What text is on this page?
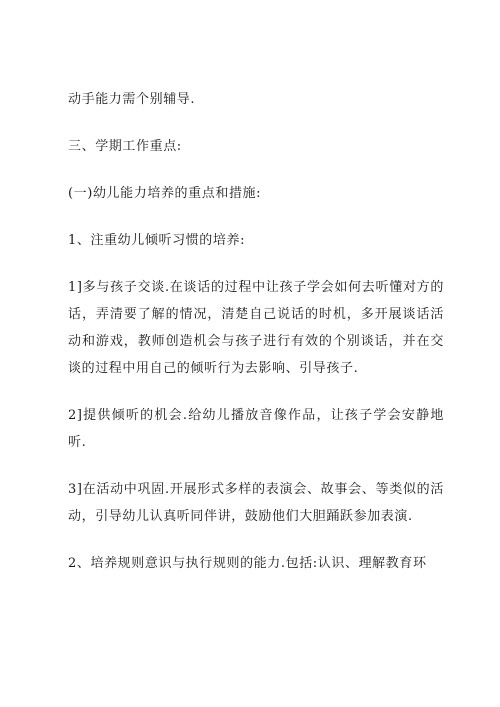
动手能力需个别辅导.

三、学期工作重点:

(一)幼儿能力培养的重点和措施:

1、注重幼儿倾听习惯的培养:

1]多与孩子交谈.在谈话的过程中让孩子学会如何去听懂对方的话，弄清要了解的情况，清楚自己说话的时机，多开展谈话活动和游戏，教师创造机会与孩子进行有效的个别谈话，并在交谈的过程中用自己的倾听行为去影响、引导孩子.

2]提供倾听的机会.给幼儿播放音像作品，让孩子学会安静地听.

3]在活动中巩固.开展形式多样的表演会、故事会、等类似的活动，引导幼儿认真听同伴讲，鼓励他们大胆踊跃参加表演.

2、培养规则意识与执行规则的能力.包括:认识、理解教育环
